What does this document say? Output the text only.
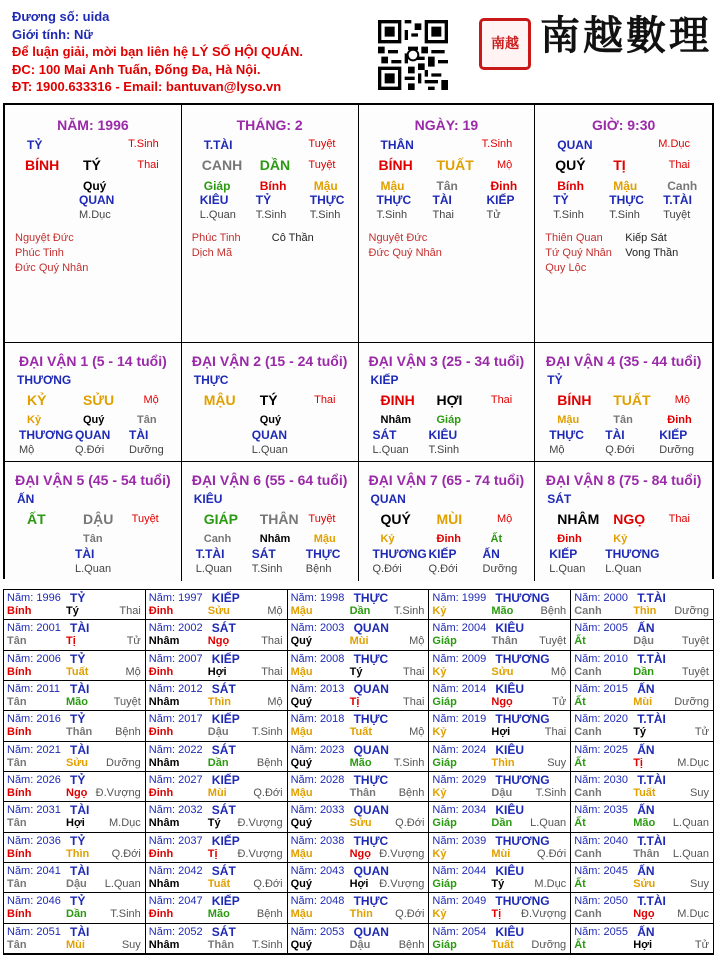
Đương số: uida
Giới tính: Nữ
Để luận giải, mời bạn liên hệ LÝ SỐ HỘI QUÁN.
ĐC: 100 Mai Anh Tuấn, Đống Đa, Hà Nội.
ĐT: 1900.633316 - Email: bantuvan@lyso.vn
南越 南越數理
NĂM: 1996
TỶ	T.Sinh
BÍNH TÝ	Thai
Quý
QUAN
M.Dục
Nguyệt Đức
Phúc Tinh
Đức Quý Nhân
THÁNG: 2
T.TÀI	Tuyệt
CANH DẦN Tuyệt
Giáp
KIÊU
L.Quan
Bính
TỶ
T.Sinh
Mậu
THỰC
T.Sinh
Phúc Tinh	Cô Thần
Dịch Mã
NGÀY: 19
THÂN	T.Sinh
BÍNH TUẤT Mộ
Mậu
THỰC
T.Sinh
Tân
TÀI
Thai
Đinh
KIẾP
Tử
Nguyệt Đức
Đức Quý Nhân
GIỜ: 9:30
QUAN	M.Dục
QUÝ TỊ	Thai
Bính
TỶ
T.Sinh
Mậu
THỰC
T.Sinh
Canh
T.TÀI
Tuyệt
Thiên Quan Kiếp Sát
Tứ Quý Nhân Vong Thần
Quy Lộc
ĐẠI VẬN 1 (5 - 14 tuổi)
THƯƠNG
KỶ	SỬU	Mộ
Kỷ
THƯƠNG
Mộ
Quý
QUAN
Q.Đới
Tân
TÀI
Dưỡng
ĐẠI VẬN 2 (15 - 24 tuổi)
THỰC
MẬU TÝ	Thai
Quý
QUAN
L.Quan
ĐẠI VẬN 3 (25 - 34 tuổi)
KIẾP
ĐINH HỢI	Thai
Nhâm
SÁT
L.Quan
Giáp
KIÊU
T.Sinh
ĐẠI VẬN 4 (35 - 44 tuổi)
TỶ
BÍNH TUẤT Mộ
Mậu
THỰC
Mộ
Tân
TÀI
Q.Đới
Đinh
KIẾP
Dưỡng
ĐẠI VẬN 5 (45 - 54 tuổi)
ẤN
ẤT	DẬU Tuyệt
Tân
TÀI
L.Quan
ĐẠI VẬN 6 (55 - 64 tuổi)
KIÊU
GIÁP THÂN Tuyệt
Canh
T.TÀI
L.Quan
Nhâm
SÁT
T.Sinh
Mậu
THỰC
Bệnh
ĐẠI VẬN 7 (65 - 74 tuổi)
QUAN
QUÝ MÙI	Mộ
Kỷ
THƯƠNG
Q.Đới
Đinh
KIẾP
Q.Đới
Ất
ẤN
Dưỡng
ĐẠI VẬN 8 (75 - 84 tuổi)
SÁT
NHÂM NGỌ Thai
Đinh
KIẾP
L.Quan
Kỷ
THƯƠNG
L.Quan
Năm: 1996 TỶ
Bính	Tý	Thai
Năm: 1997 KIẾP
Đinh	Sửu	Mộ
Năm: 1998 THỰC
Mậu	Dần T.Sinh
Năm: 1999 THƯƠNG
Kỷ	Mão Bệnh
Năm: 2000 T.TÀI
Canh	Thìn Dưỡng
Năm: 2001 TÀI
Tân	Tị	Tử
Năm: 2002 SÁT
Nhâm	Ngọ	Thai
Năm: 2003 QUAN
Quý	Mùi	Mộ
Năm: 2004 KIÊU
Giáp	Thân Tuyệt
Năm: 2005 ẤN
Ất	Dậu	Tuyệt
Năm: 2006 TỶ
Bính	Tuất	Mộ
Năm: 2007 KIẾP
Đinh	Hợi	Thai
Năm: 2008 THỰC
Mậu	Tý	Thai
Năm: 2009 THƯƠNG
Kỷ	Sửu	Mộ
Năm: 2010 T.TÀI
Canh	Dần	Tuyệt
Năm: 2011 TÀI
Tân	Mão Tuyệt
Năm: 2012 SÁT
Nhâm	Thìn	Mộ
Năm: 2013 QUAN
Quý	Tị	Thai
Năm: 2014 KIÊU
Giáp	Ngọ	Tử
Năm: 2015 ẤN
Ất	Mùi Dưỡng
Năm: 2016 TỶ
Bính	Thân Bệnh
Năm: 2017 KIẾP
Đinh	Dậu T.Sinh
Năm: 2018 THỰC
Mậu	Tuất	Mộ
Năm: 2019 THƯƠNG
Kỷ	Hợi	Thai
Năm: 2020 T.TÀI
Canh	Tý	Tử
Năm: 2021 TÀI
Tân	Sửu Dưỡng
Năm: 2022 SÁT
Nhâm	Dần	Bệnh
Năm: 2023 QUAN
Quý	Mão T.Sinh
Năm: 2024 KIÊU
Giáp	Thìn	Suy
Năm: 2025 ẤN
Ất	Tị	M.Dục
Năm: 2026 TỶ
Bính	Ngọ Đ.Vượng
Năm: 2027 KIẾP
Đinh	Mùi Q.Đới
Năm: 2028 THỰC
Mậu	Thân Bệnh
Năm: 2029 THƯƠNG
Kỷ	Dậu T.Sinh
Năm: 2030 T.TÀI
Canh	Tuất	Suy
Năm: 2031 TÀI
Tân	Hợi M.Dục
Năm: 2032 SÁT
Nhâm	Tý Đ.Vượng
Năm: 2033 QUAN
Quý	Sửu Q.Đới
Năm: 2034 KIÊU
Giáp	Dần L.Quan
Năm: 2035 ẤN
Ất	Mão L.Quan
Năm: 2036 TỶ
Bính	Thìn Q.Đới
Năm: 2037 KIẾP
Đinh	Tị Đ.Vượng
Năm: 2038 THỰC
Mậu	Ngọ Đ.Vượng
Năm: 2039 THƯƠNG
Kỷ	Mùi Q.Đới
Năm: 2040 T.TÀI
Canh	Thân L.Quan
Năm: 2041 TÀI
Tân	Dậu L.Quan
Năm: 2042 SÁT
Nhâm	Tuất Q.Đới
Năm: 2043 QUAN
Quý	Hợi Đ.Vượng
Năm: 2044 KIÊU
Giáp	Tý	M.Dục
Năm: 2045 ẤN
Ất	Sửu	Suy
Năm: 2046 TỶ
Bính	Dần T.Sinh
Năm: 2047 KIẾP
Đinh	Mão Bệnh
Năm: 2048 THỰC
Mậu	Thìn Q.Đới
Năm: 2049 THƯƠNG
Kỷ	Tị Đ.Vượng
Năm: 2050 T.TÀI
Canh	Ngọ M.Dục
Năm: 2051 TÀI
Tân	Mùi	Suy
Năm: 2052 SÁT
Nhâm	Thân T.Sinh
Năm: 2053 QUAN
Quý	Dậu	Bệnh
Năm: 2054 KIÊU
Giáp	Tuất Dưỡng
Năm: 2055 ẤN
Ất	Hợi	Tử
